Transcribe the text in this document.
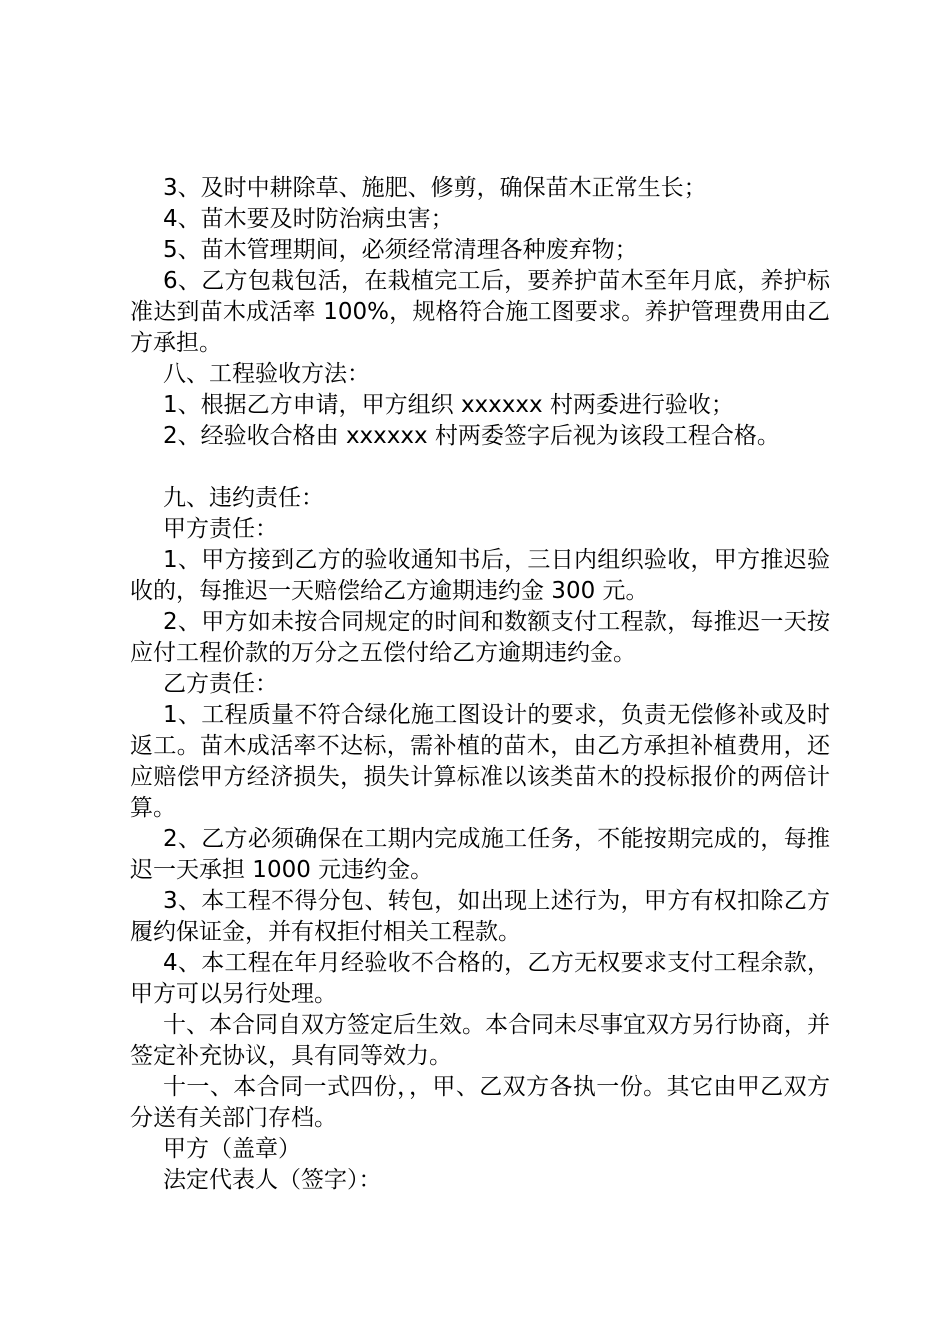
3、及时中耕除草、施肥、修剪，确保苗木正常生长；

4、苗木要及时防治病虫害；

5、苗木管理期间，必须经常清理各种废弃物；

6、乙方包栽包活，在栽植完工后，要养护苗木至年月底，养护标准达到苗木成活率 100%，规格符合施工图要求。养护管理费用由乙方承担。

八、工程验收方法：

1、根据乙方申请，甲方组织 xxxxxx 村两委进行验收；

2、经验收合格由 xxxxxx 村两委签字后视为该段工程合格。

九、违约责任：

甲方责任：

1、甲方接到乙方的验收通知书后，三日内组织验收，甲方推迟验收的，每推迟一天赔偿给乙方逾期违约金 300 元。

2、甲方如未按合同规定的时间和数额支付工程款，每推迟一天按应付工程价款的万分之五偿付给乙方逾期违约金。

乙方责任：

1、工程质量不符合绿化施工图设计的要求，负责无偿修补或及时返工。苗木成活率不达标，需补植的苗木，由乙方承担补植费用，还应赔偿甲方经济损失，损失计算标准以该类苗木的投标报价的两倍计算。

2、乙方必须确保在工期内完成施工任务，不能按期完成的，每推迟一天承担 1000 元违约金。

3、本工程不得分包、转包，如出现上述行为，甲方有权扣除乙方履约保证金，并有权拒付相关工程款。

4、本工程在年月经验收不合格的，乙方无权要求支付工程余款，甲方可以另行处理。

十、本合同自双方签定后生效。本合同未尽事宜双方另行协商，并签定补充协议，具有同等效力。

十一、本合同一式四份，，甲、乙双方各执一份。其它由甲乙双方分送有关部门存档。

甲方（盖章）

法定代表人（签字）：
